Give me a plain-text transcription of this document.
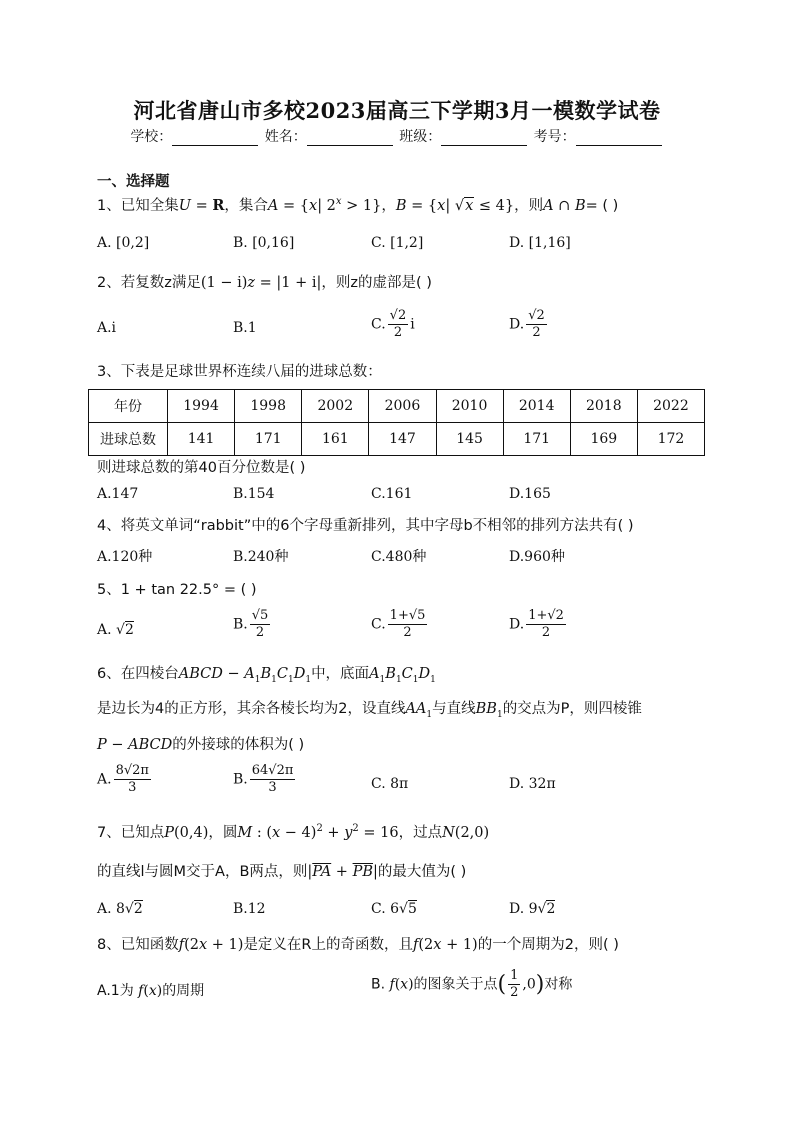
河北省唐山市多校2023届高三下学期3月一模数学试卷
学校：	姓名：	班级：	考号：
一、选择题
1、已知全集U = R，集合A = {x| $2^x > 1$}，B = {x| √x ≤ 4}，则A ∩ B= ( )
A. [0,2]	B. [0,16]	C. [1,2]	D. [1,16]
2、若复数z满足(1 − i)z = |1 + i|，则z的虚部是( )
A.i	B.1	C. $\frac{√2}{2}$ i	D. $\frac{√2}{2}$
3、下表是足球世界杯连续八届的进球总数：
年份	1994	1998	2002	2006	2010	2014	2018	2022
进球总数	141	171	161	147	145	171	169	172
则进球总数的第40百分位数是( )
A.147	B.154	C.161	D.165
4、将英文单词“rabbit”中的6个字母重新排列，其中字母b不相邻的排列方法共有( )
A.120种	B.240种	C.480种	D.960种
5、1 + tan 22.5° = ( )
A. √2	B. $\frac{√5}{2}$	C. $\frac{1+√5}{2}$	D. $\frac{1+√2}{2}$
6、在四棱台ABCD − $A_1B_1C_1D_1$中，底面$A_1B_1C_1D_1$
是边长为4的正方形，其余各棱长均为2，设直线$AA_1$与直线$BB_1$的交点为P，则四棱锥
P − ABCD的外接球的体积为( )
A. $\frac{8√2\pi}{3}$	B. $\frac{64√2\pi}{3}$	C. 8π	D. 32π
7、已知点P(0,4)，圆M : $(x - 4)^2 + y^2 = 16$，过点N(2,0)
的直线l与圆M交于A，B两点，则$|\overline{PA} + \overline{PB}|$的最大值为( )
A. 8√2	B.12	C. 6√5	D. 9√2
8、已知函数f(2x + 1)是定义在R上的奇函数，且f(2x + 1)的一个周期为2，则( )
A.1为 f(x)的周期	B. f(x)的图象关于点( $\frac{1}{2} ,0$)对称
